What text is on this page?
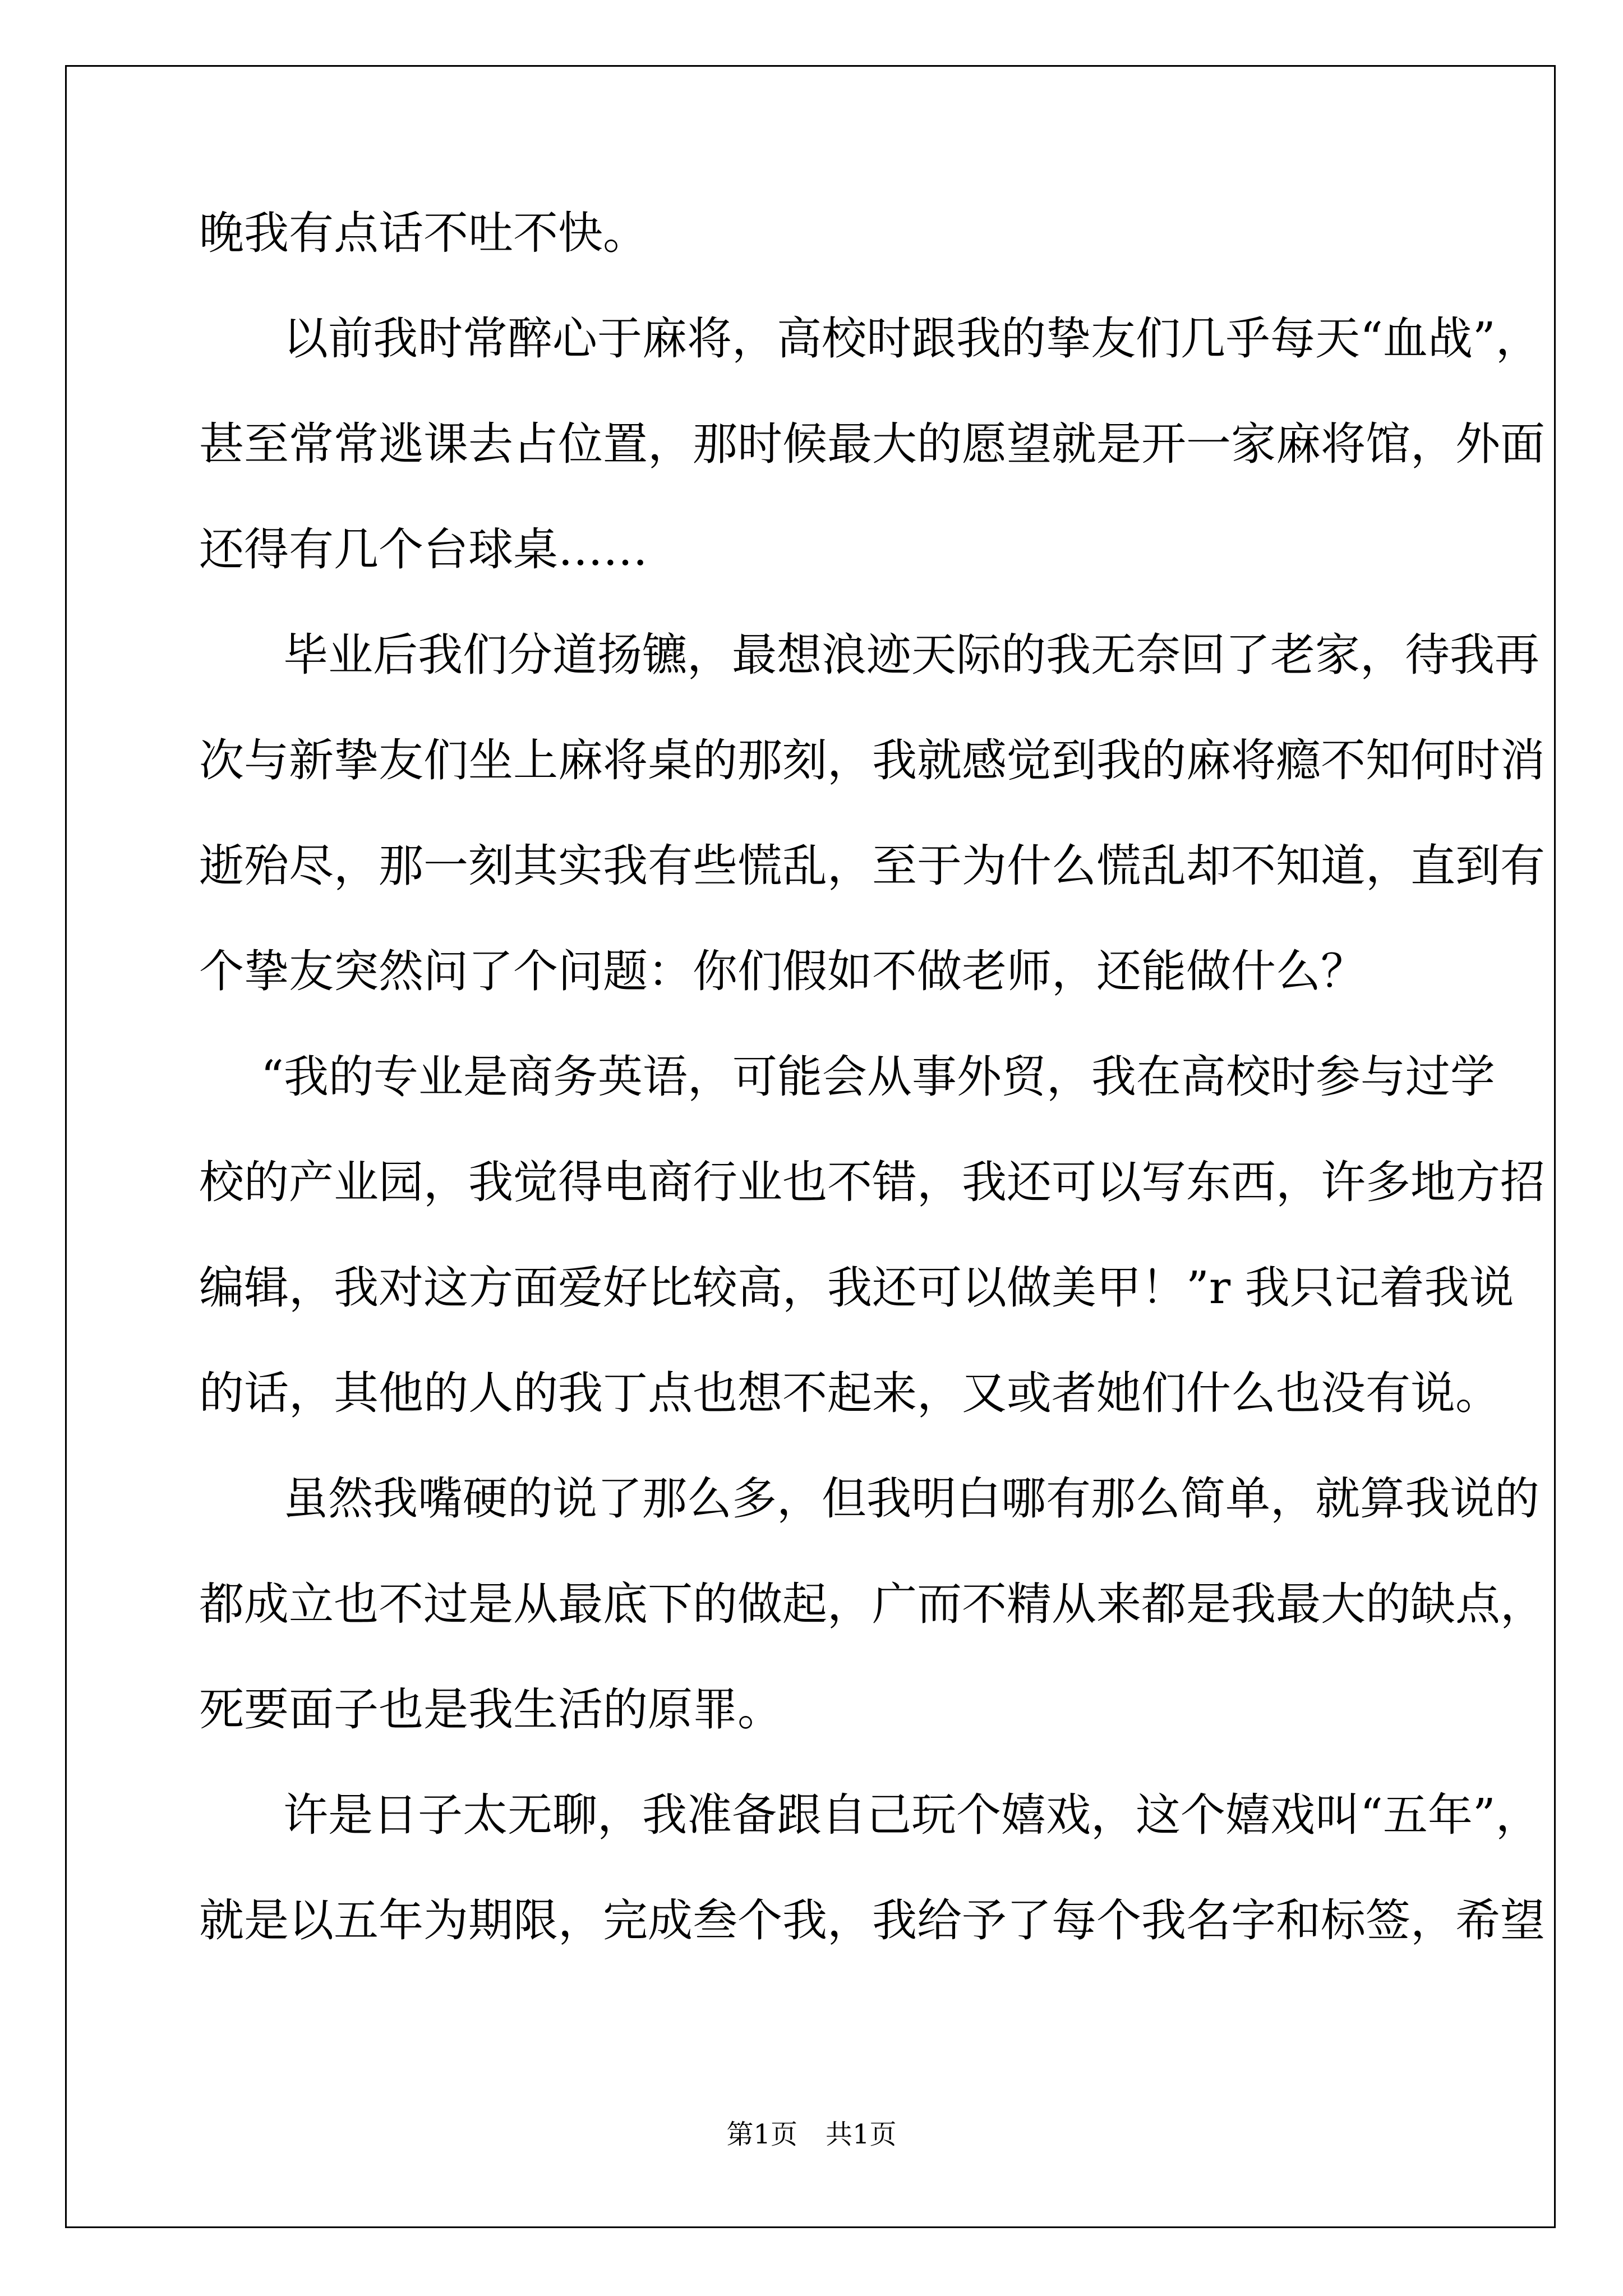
晚我有点话不吐不快。
以前我时常醉心于麻将，高校时跟我的挚友们几乎每天“血战”，
甚至常常逃课去占位置，那时候最大的愿望就是开一家麻将馆，外面
还得有几个台球桌……
毕业后我们分道扬镳，最想浪迹天际的我无奈回了老家，待我再
次与新挚友们坐上麻将桌的那刻，我就感觉到我的麻将瘾不知何时消
逝殆尽，那一刻其实我有些慌乱，至于为什么慌乱却不知道，直到有
个挚友突然问了个问题：你们假如不做老师，还能做什么？
“我的专业是商务英语，可能会从事外贸，我在高校时参与过学
校的产业园，我觉得电商行业也不错，我还可以写东西，许多地方招
编辑，我对这方面爱好比较高，我还可以做美甲！”r 我只记着我说
的话，其他的人的我丁点也想不起来，又或者她们什么也没有说。
虽然我嘴硬的说了那么多，但我明白哪有那么简单，就算我说的
都成立也不过是从最底下的做起，广而不精从来都是我最大的缺点，
死要面子也是我生活的原罪。
许是日子太无聊，我准备跟自己玩个嬉戏，这个嬉戏叫“五年”，
就是以五年为期限，完成叁个我，我给予了每个我名字和标签，希望
第1页 共1页
